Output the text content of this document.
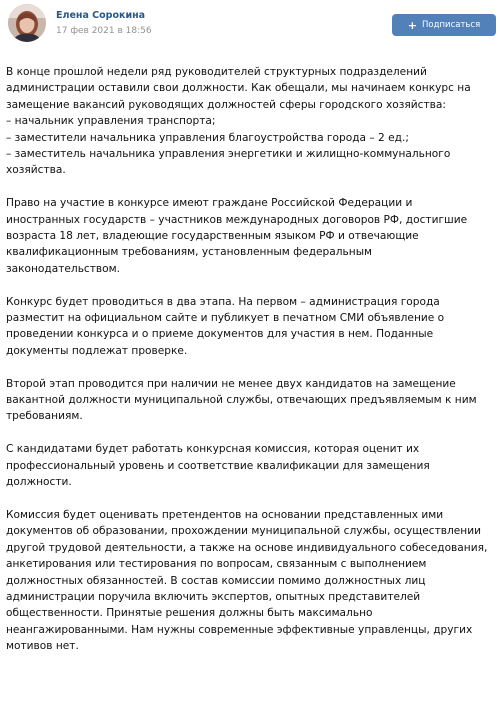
Елена Сорокина
17 фев 2021 в 18:56	+ Подписаться

В конце прошлой недели ряд руководителей структурных подразделений
администрации оставили свои должности. Как обещали, мы начинаем конкурс на
замещение вакансий руководящих должностей сферы городского хозяйства:
– начальник управления транспорта;
– заместители начальника управления благоустройства города – 2 ед.;
– заместитель начальника управления энергетики и жилищно-коммунального
хозяйства.

Право на участие в конкурсе имеют граждане Российской Федерации и
иностранных государств – участников международных договоров РФ, достигшие
возраста 18 лет, владеющие государственным языком РФ и отвечающие
квалификационным требованиям, установленным федеральным
законодательством.

Конкурс будет проводиться в два этапа. На первом – администрация города
разместит на официальном сайте и публикует в печатном СМИ объявление о
проведении конкурса и о приеме документов для участия в нем. Поданные
документы подлежат проверке.

Второй этап проводится при наличии не менее двух кандидатов на замещение
вакантной должности муниципальной службы, отвечающих предъявляемым к ним
требованиям.

С кандидатами будет работать конкурсная комиссия, которая оценит их
профессиональный уровень и соответствие квалификации для замещения
должности.

Комиссия будет оценивать претендентов на основании представленных ими
документов об образовании, прохождении муниципальной службы, осуществлении
другой трудовой деятельности, а также на основе индивидуального собеседования,
анкетирования или тестирования по вопросам, связанным с выполнением
должностных обязанностей. В состав комиссии помимо должностных лиц
администрации поручила включить экспертов, опытных представителей
общественности. Принятые решения должны быть максимально
неангажированными. Нам нужны современные эффективные управленцы, других
мотивов нет.
